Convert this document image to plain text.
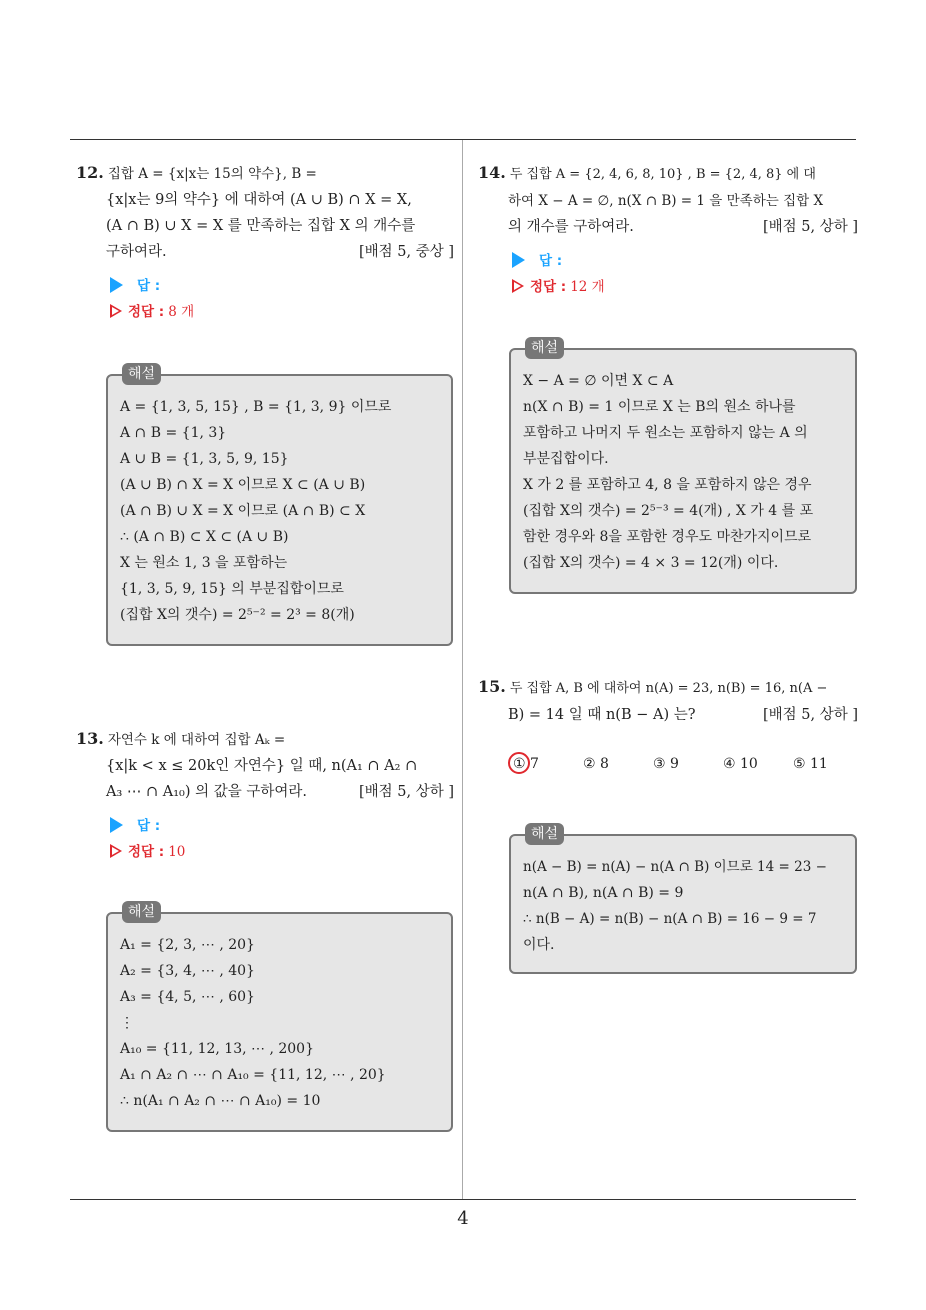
12. 집합 A = {x|x는 15의 약수}, B =
{x|x는 9의 약수} 에 대하여 (A ∪ B) ∩ X = X,
(A ∩ B) ∪ X = X 를 만족하는 집합 X 의 개수를
구하여라.	[배점 5, 중상 ]
답 :
정답 : 8 개
해설
A = {1, 3, 5, 15} , B = {1, 3, 9} 이므로
A ∩ B = {1, 3}
A ∪ B = {1, 3, 5, 9, 15}
(A ∪ B) ∩ X = X 이므로 X ⊂ (A ∪ B)
(A ∩ B) ∪ X = X 이므로 (A ∩ B) ⊂ X
∴ (A ∩ B) ⊂ X ⊂ (A ∪ B)
X 는 원소 1, 3 을 포함하는
{1, 3, 5, 9, 15} 의 부분집합이므로
(집합 X의 갯수) = 2⁵⁻² = 2³ = 8(개)
13. 자연수 k 에 대하여 집합 Aₖ =
{x|k < x ≤ 20k인 자연수} 일 때, n(A₁ ∩ A₂ ∩
A₃ ⋯ ∩ A₁₀) 의 값을 구하여라.	[배점 5, 상하 ]
답 :
정답 : 10
해설
A₁ = {2, 3, ⋯ , 20}
A₂ = {3, 4, ⋯ , 40}
A₃ = {4, 5, ⋯ , 60}
⋮
A₁₀ = {11, 12, 13, ⋯ , 200}
A₁ ∩ A₂ ∩ ⋯ ∩ A₁₀ = {11, 12, ⋯ , 20}
∴ n(A₁ ∩ A₂ ∩ ⋯ ∩ A₁₀) = 10
14. 두 집합 A = {2, 4, 6, 8, 10} , B = {2, 4, 8} 에 대
하여 X − A = ∅, n(X ∩ B) = 1 을 만족하는 집합 X
의 개수를 구하여라.	[배점 5, 상하 ]
답 :
정답 : 12 개
해설
X − A = ∅ 이면 X ⊂ A
n(X ∩ B) = 1 이므로 X 는 B의 원소 하나를
포함하고 나머지 두 원소는 포함하지 않는 A 의
부분집합이다.
X 가 2 를 포함하고 4, 8 을 포함하지 않은 경우
(집합 X의 갯수) = 2⁵⁻³ = 4(개) , X 가 4 를 포
함한 경우와 8을 포함한 경우도 마찬가지이므로
(집합 X의 갯수) = 4 × 3 = 12(개) 이다.
15. 두 집합 A, B 에 대하여 n(A) = 23, n(B) = 16, n(A −
B) = 14 일 때 n(B − A) 는?	[배점 5, 상하 ]
① 7	② 8	③ 9	④ 10	⑤ 11
해설
n(A − B) = n(A) − n(A ∩ B) 이므로 14 = 23 −
n(A ∩ B), n(A ∩ B) = 9
∴ n(B − A) = n(B) − n(A ∩ B) = 16 − 9 = 7
이다.
4
